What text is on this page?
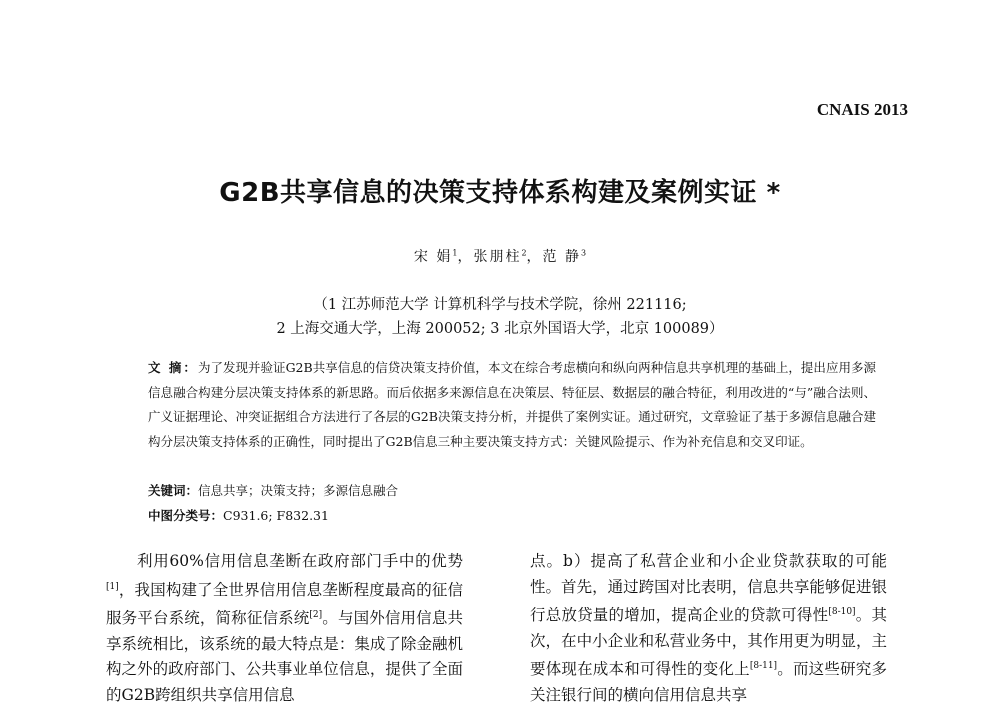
CNAIS 2013
G2B共享信息的决策支持体系构建及案例实证 *
宋 娟$^1$，张朋柱$^2$，范 静$^3$
（1 江苏师范大学 计算机科学与技术学院，徐州 221116;
2 上海交通大学，上海 200052; 3 北京外国语大学，北京 100089）
文 摘：为了发现并验证G2B共享信息的信贷决策支持价值，本文在综合考虑横向和纵向两种信息共享机理的基础上，提出应用多源信息融合构建分层决策支持体系的新思路。而后依据多来源信息在决策层、特征层、数据层的融合特征，利用改进的“与”融合法则、广义证据理论、冲突证据组合方法进行了各层的G2B决策支持分析，并提供了案例实证。通过研究，文章验证了基于多源信息融合建构分层决策支持体系的正确性，同时提出了G2B信息三种主要决策支持方式：关键风险提示、作为补充信息和交叉印证。
关键词：信息共享；决策支持；多源信息融合
中图分类号：C931.6; F832.31

利用60%信用信息垄断在政府部门手中的优势[1]，我国构建了全世界信用信息垄断程度最高的征信服务平台系统，简称征信系统[2]。与国外信用信息共享系统相比，该系统的最大特点是：集成了除金融机构之外的政府部门、公共事业单位信息，提供了全面的G2B跨组织共享信用信息

点。b）提高了私营企业和小企业贷款获取的可能性。首先，通过跨国对比表明，信息共享能够促进银行总放贷量的增加，提高企业的贷款可得性[8-10]。其次，在中小企业和私营业务中，其作用更为明显，主要体现在成本和可得性的变化上[8-11]。而这些研究多关注银行间的横向信用信息共享
